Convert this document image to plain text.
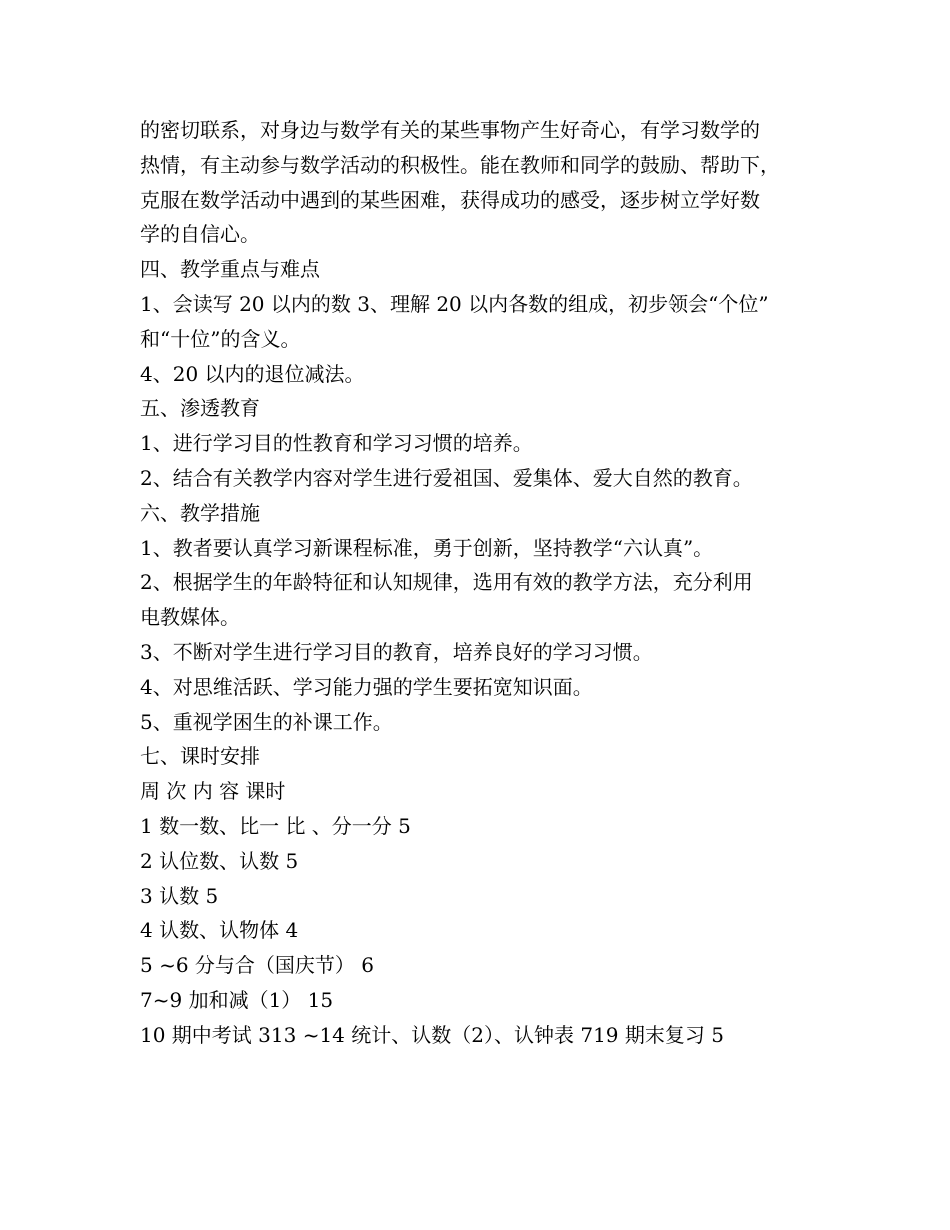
的密切联系，对身边与数学有关的某些事物产生好奇心，有学习数学的
热情，有主动参与数学活动的积极性。能在教师和同学的鼓励、帮助下，
克服在数学活动中遇到的某些困难，获得成功的感受，逐步树立学好数
学的自信心。
四、教学重点与难点
1、会读写 20 以内的数 3、理解 20 以内各数的组成，初步领会“个位”
和“十位”的含义。
4、20 以内的退位减法。
五、渗透教育
1、进行学习目的性教育和学习习惯的培养。
2、结合有关教学内容对学生进行爱祖国、爱集体、爱大自然的教育。
六、教学措施
1、教者要认真学习新课程标准，勇于创新，坚持教学“六认真”。
2、根据学生的年龄特征和认知规律，选用有效的教学方法，充分利用
电教媒体。
3、不断对学生进行学习目的教育，培养良好的学习习惯。
4、对思维活跃、学习能力强的学生要拓宽知识面。
5、重视学困生的补课工作。
七、课时安排
周 次 内 容 课时
1 数一数、比一 比 、分一分 5
2 认位数、认数 5
3 认数 5
4 认数、认物体 4
5 ~6 分与合（国庆节） 6
7~9 加和减（1） 15
10 期中考试 313 ~14 统计、认数（2）、认钟表 719 期末复习 5
